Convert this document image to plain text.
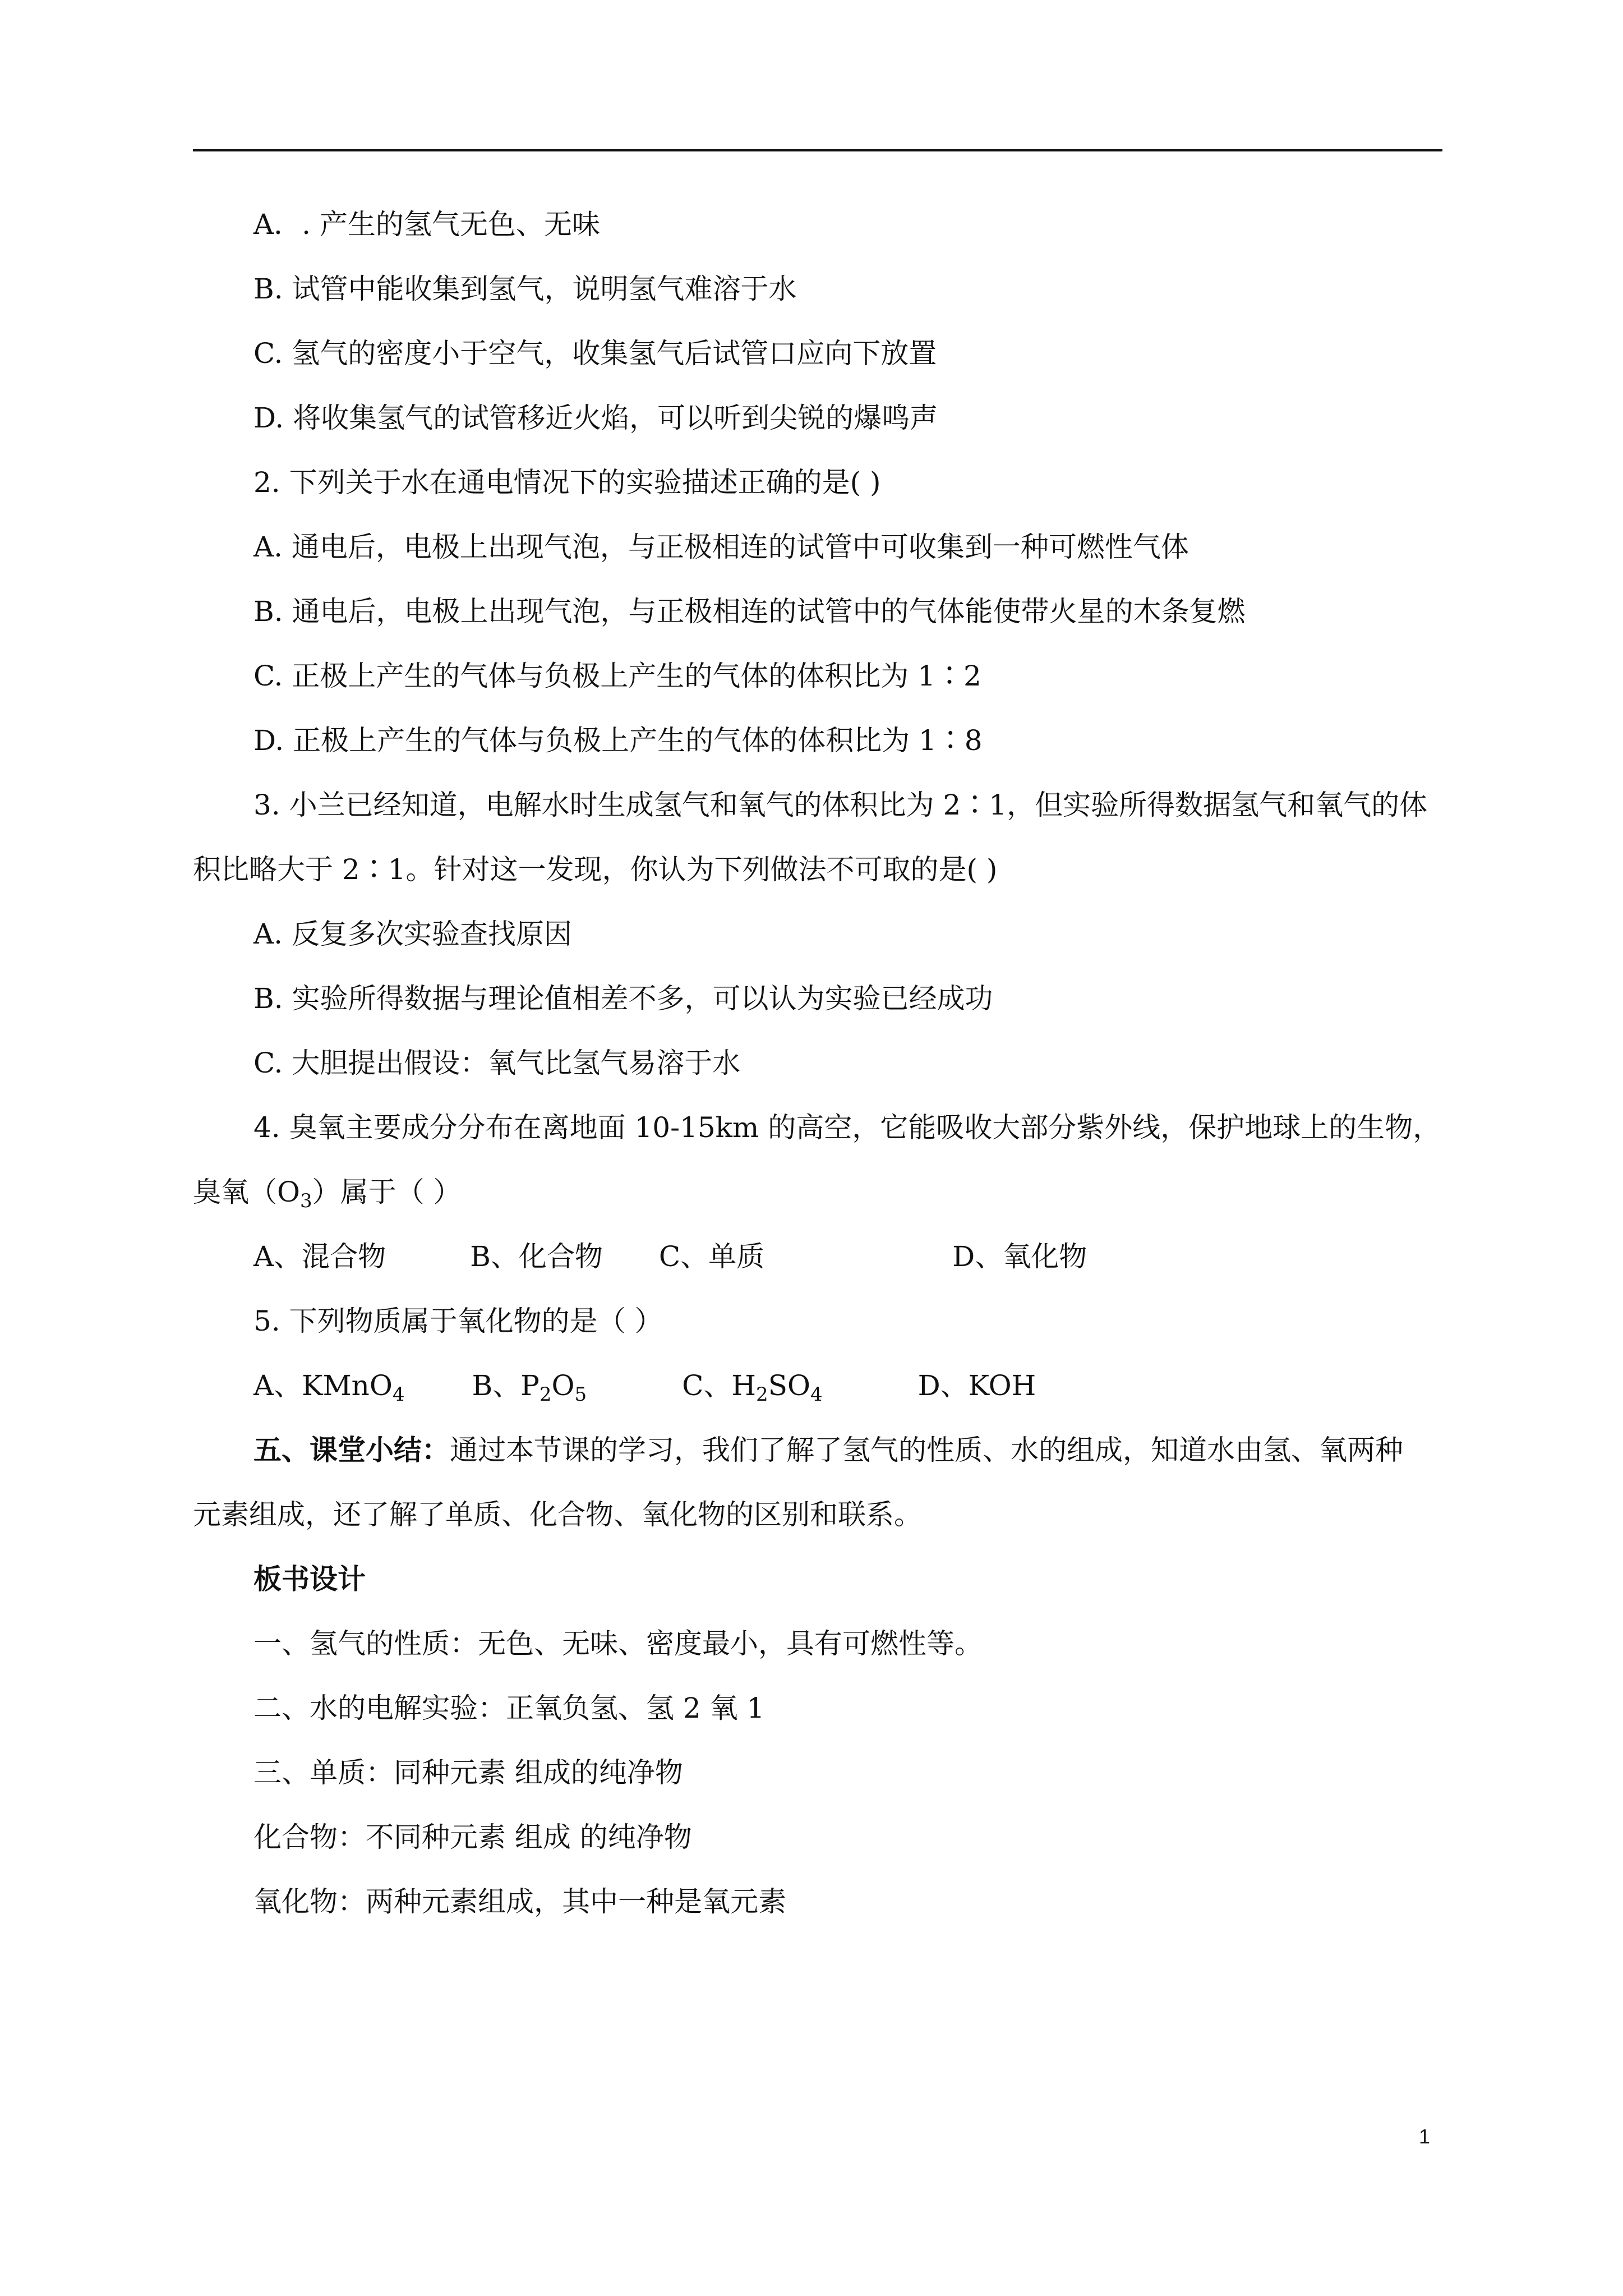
A．. 产生的氢气无色、无味
B. 试管中能收集到氢气，说明氢气难溶于水
C. 氢气的密度小于空气，收集氢气后试管口应向下放置
D. 将收集氢气的试管移近火焰，可以听到尖锐的爆鸣声
2. 下列关于水在通电情况下的实验描述正确的是( )
A. 通电后，电极上出现气泡，与正极相连的试管中可收集到一种可燃性气体
B. 通电后，电极上出现气泡，与正极相连的试管中的气体能使带火星的木条复燃
C. 正极上产生的气体与负极上产生的气体的体积比为 1∶2
D. 正极上产生的气体与负极上产生的气体的体积比为 1∶8
3. 小兰已经知道，电解水时生成氢气和氧气的体积比为 2∶1，但实验所得数据氢气和氧气的体
积比略大于 2∶1。针对这一发现，你认为下列做法不可取的是( )
A. 反复多次实验查找原因
B. 实验所得数据与理论值相差不多，可以认为实验已经成功
C. 大胆提出假设：氧气比氢气易溶于水
4. 臭氧主要成分分布在离地面 10-15km 的高空，它能吸收大部分紫外线，保护地球上的生物，
臭氧$(O_3)$属于（ ）
A、混合物	B、化合物 C、单质	D、氧化物
5. 下列物质属于氧化物的是（ ）
A、KMnO$_4$ B、$P_2O_5$	C、$H_2SO_4$	D、KOH
五、课堂小结：通过本节课的学习，我们了解了氢气的性质、水的组成，知道水由氢、氧两种
元素组成，还了解了单质、化合物、氧化物的区别和联系。
板书设计
一、氢气的性质：无色、无味、密度最小，具有可燃性等。
二、水的电解实验：正氧负氢、氢 2 氧 1
三、单质：同种元素 组成的纯净物
化合物：不同种元素 组成 的纯净物
氧化物：两种元素组成，其中一种是氧元素
1
